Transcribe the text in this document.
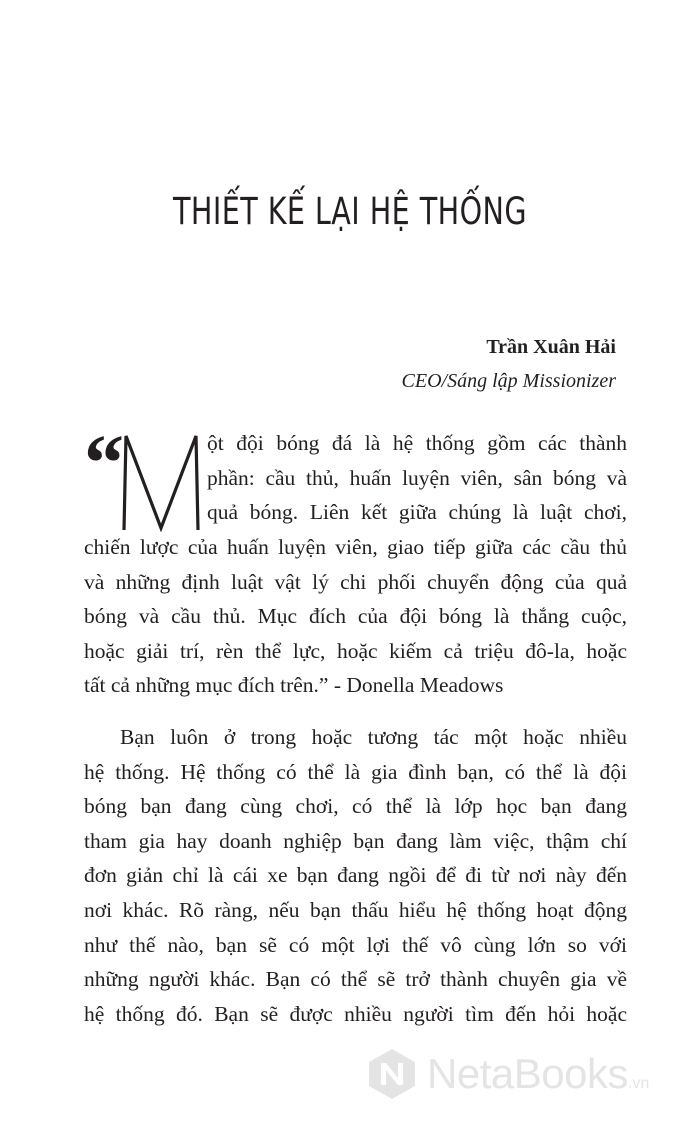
THIẾT KẾ LẠI HỆ THỐNG
Trần Xuân Hải
CEO/Sáng lập Missionizer
“	ột đội bóng đá là hệ thống gồm các thành
phần: cầu thủ, huấn luyện viên, sân bóng và
quả bóng. Liên kết giữa chúng là luật chơi,
chiến lược của huấn luyện viên, giao tiếp giữa các cầu thủ
và những định luật vật lý chi phối chuyển động của quả
bóng và cầu thủ. Mục đích của đội bóng là thắng cuộc,
hoặc giải trí, rèn thể lực, hoặc kiếm cả triệu đô-la, hoặc
tất cả những mục đích trên.” - Donella Meadows
Bạn luôn ở trong hoặc tương tác một hoặc nhiều
hệ thống. Hệ thống có thể là gia đình bạn, có thể là đội
bóng bạn đang cùng chơi, có thể là lớp học bạn đang
tham gia hay doanh nghiệp bạn đang làm việc, thậm chí
đơn giản chỉ là cái xe bạn đang ngồi để đi từ nơi này đến
nơi khác. Rõ ràng, nếu bạn thấu hiểu hệ thống hoạt động
như thế nào, bạn sẽ có một lợi thế vô cùng lớn so với
những người khác. Bạn có thể sẽ trở thành chuyên gia về
hệ thống đó. Bạn sẽ được nhiều người tìm đến hỏi hoặc
NetaBooks.vn
